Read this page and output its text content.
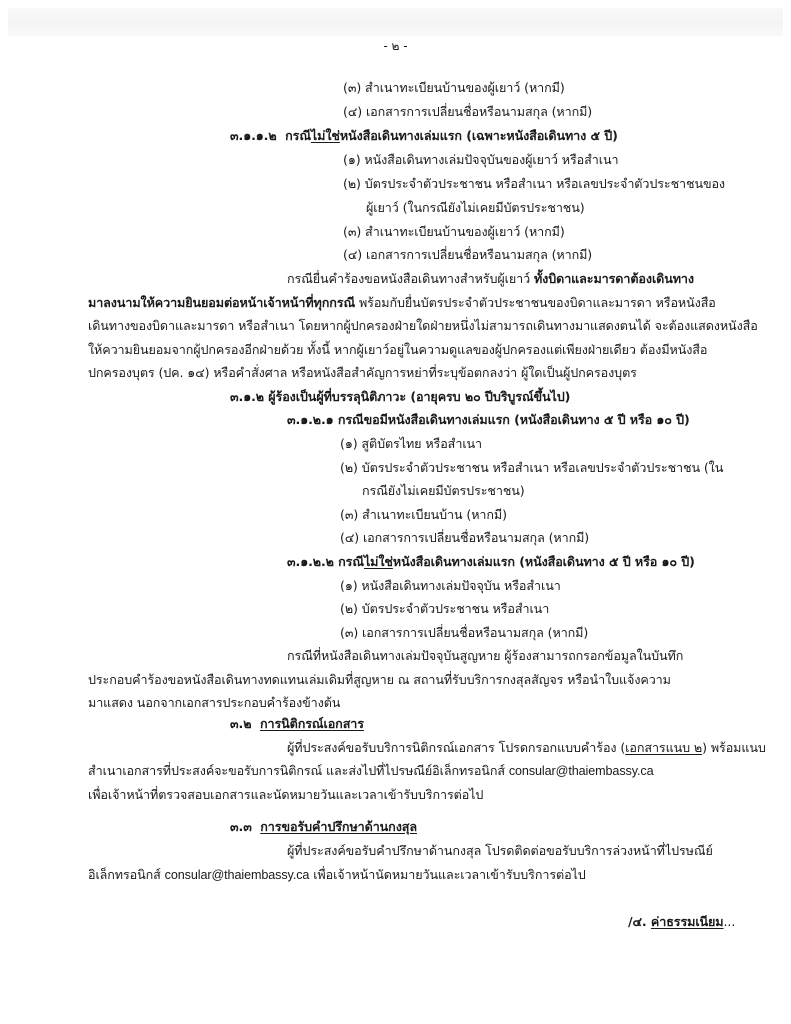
- ๒ -
(๓) สำเนาทะเบียนบ้านของผู้เยาว์ (หากมี)
(๔) เอกสารการเปลี่ยนชื่อหรือนามสกุล (หากมี)
๓.๑.๑.๒ กรณีไม่ใช่หนังสือเดินทางเล่มแรก (เฉพาะหนังสือเดินทาง ๕ ปี)
(๑) หนังสือเดินทางเล่มปัจจุบันของผู้เยาว์ หรือสำเนา
(๒) บัตรประจำตัวประชาชน หรือสำเนา หรือเลขประจำตัวประชาชนของ
ผู้เยาว์ (ในกรณียังไม่เคยมีบัตรประชาชน)
(๓) สำเนาทะเบียนบ้านของผู้เยาว์ (หากมี)
(๔) เอกสารการเปลี่ยนชื่อหรือนามสกุล (หากมี)
กรณียื่นคำร้องขอหนังสือเดินทางสำหรับผู้เยาว์ ทั้งบิดาและมารดาต้องเดินทาง
มาลงนามให้ความยินยอมต่อหน้าเจ้าหน้าที่ทุกกรณี พร้อมกับยื่นบัตรประจำตัวประชาชนของบิดาและมารดา หรือหนังสือ
เดินทางของบิดาและมารดา หรือสำเนา โดยหากผู้ปกครองฝ่ายใดฝ่ายหนึ่งไม่สามารถเดินทางมาแสดงตนได้ จะต้องแสดงหนังสือ
ให้ความยินยอมจากผู้ปกครองอีกฝ่ายด้วย ทั้งนี้ หากผู้เยาว์อยู่ในความดูแลของผู้ปกครองแต่เพียงฝ่ายเดียว ต้องมีหนังสือ
ปกครองบุตร (ปค. ๑๔) หรือคำสั่งศาล หรือหนังสือสำคัญการหย่าที่ระบุข้อตกลงว่า ผู้ใดเป็นผู้ปกครองบุตร
๓.๑.๒ ผู้ร้องเป็นผู้ที่บรรลุนิติภาวะ (อายุครบ ๒๐ ปีบริบูรณ์ขึ้นไป)
๓.๑.๒.๑ กรณีขอมีหนังสือเดินทางเล่มแรก (หนังสือเดินทาง ๕ ปี หรือ ๑๐ ปี)
(๑) สูติบัตรไทย หรือสำเนา
(๒) บัตรประจำตัวประชาชน หรือสำเนา หรือเลขประจำตัวประชาชน (ใน
กรณียังไม่เคยมีบัตรประชาชน)
(๓) สำเนาทะเบียนบ้าน (หากมี)
(๔) เอกสารการเปลี่ยนชื่อหรือนามสกุล (หากมี)
๓.๑.๒.๒ กรณีไม่ใช่หนังสือเดินทางเล่มแรก (หนังสือเดินทาง ๕ ปี หรือ ๑๐ ปี)
(๑) หนังสือเดินทางเล่มปัจจุบัน หรือสำเนา
(๒) บัตรประจำตัวประชาชน หรือสำเนา
(๓) เอกสารการเปลี่ยนชื่อหรือนามสกุล (หากมี)
กรณีที่หนังสือเดินทางเล่มปัจจุบันสูญหาย ผู้ร้องสามารถกรอกข้อมูลในบันทึก
ประกอบคำร้องขอหนังสือเดินทางทดแทนเล่มเดิมที่สูญหาย ณ สถานที่รับบริการกงสุลสัญจร หรือนำใบแจ้งความ
มาแสดง นอกจากเอกสารประกอบคำร้องข้างต้น
๓.๒ การนิติกรณ์เอกสาร
ผู้ที่ประสงค์ขอรับบริการนิติกรณ์เอกสาร โปรดกรอกแบบคำร้อง (เอกสารแนบ ๒) พร้อมแนบ
สำเนาเอกสารที่ประสงค์จะขอรับการนิติกรณ์ และส่งไปที่ไปรษณีย์อิเล็กทรอนิกส์ consular@thaiembassy.ca
เพื่อเจ้าหน้าที่ตรวจสอบเอกสารและนัดหมายวันและเวลาเข้ารับบริการต่อไป
๓.๓ การขอรับคำปรึกษาด้านกงสุล
ผู้ที่ประสงค์ขอรับคำปรึกษาด้านกงสุล โปรดติดต่อขอรับบริการล่วงหน้าที่ไปรษณีย์
อิเล็กทรอนิกส์ consular@thaiembassy.ca เพื่อเจ้าหน้านัดหมายวันและเวลาเข้ารับบริการต่อไป
/๔. ค่าธรรมเนียม...
